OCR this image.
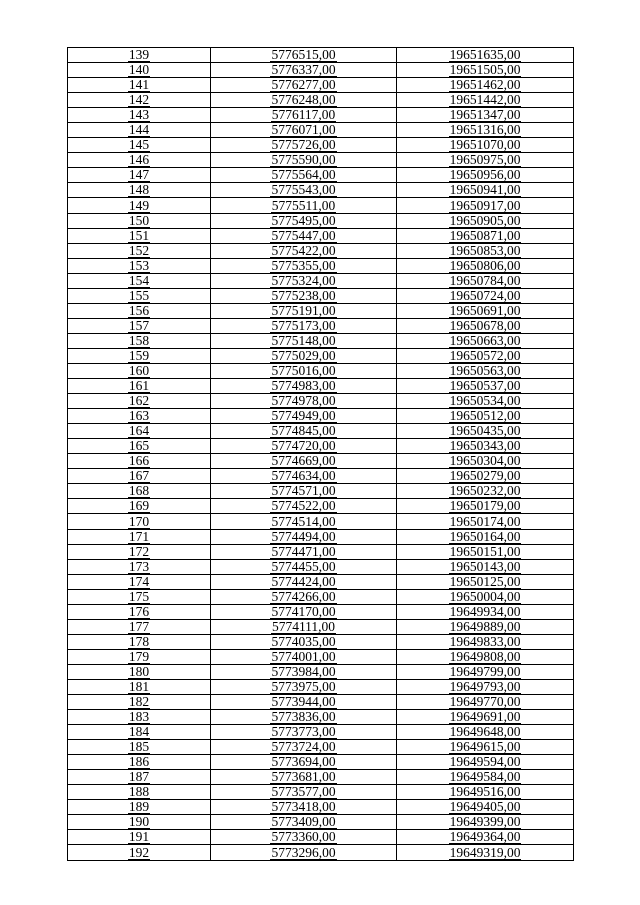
139	5776515,00	19651635,00
140	5776337,00	19651505,00
141	5776277,00	19651462,00
142	5776248,00	19651442,00
143	5776117,00	19651347,00
144	5776071,00	19651316,00
145	5775726,00	19651070,00
146	5775590,00	19650975,00
147	5775564,00	19650956,00
148	5775543,00	19650941,00
149	5775511,00	19650917,00
150	5775495,00	19650905,00
151	5775447,00	19650871,00
152	5775422,00	19650853,00
153	5775355,00	19650806,00
154	5775324,00	19650784,00
155	5775238,00	19650724,00
156	5775191,00	19650691,00
157	5775173,00	19650678,00
158	5775148,00	19650663,00
159	5775029,00	19650572,00
160	5775016,00	19650563,00
161	5774983,00	19650537,00
162	5774978,00	19650534,00
163	5774949,00	19650512,00
164	5774845,00	19650435,00
165	5774720,00	19650343,00
166	5774669,00	19650304,00
167	5774634,00	19650279,00
168	5774571,00	19650232,00
169	5774522,00	19650179,00
170	5774514,00	19650174,00
171	5774494,00	19650164,00
172	5774471,00	19650151,00
173	5774455,00	19650143,00
174	5774424,00	19650125,00
175	5774266,00	19650004,00
176	5774170,00	19649934,00
177	5774111,00	19649889,00
178	5774035,00	19649833,00
179	5774001,00	19649808,00
180	5773984,00	19649799,00
181	5773975,00	19649793,00
182	5773944,00	19649770,00
183	5773836,00	19649691,00
184	5773773,00	19649648,00
185	5773724,00	19649615,00
186	5773694,00	19649594,00
187	5773681,00	19649584,00
188	5773577,00	19649516,00
189	5773418,00	19649405,00
190	5773409,00	19649399,00
191	5773360,00	19649364,00
192	5773296,00	19649319,00
